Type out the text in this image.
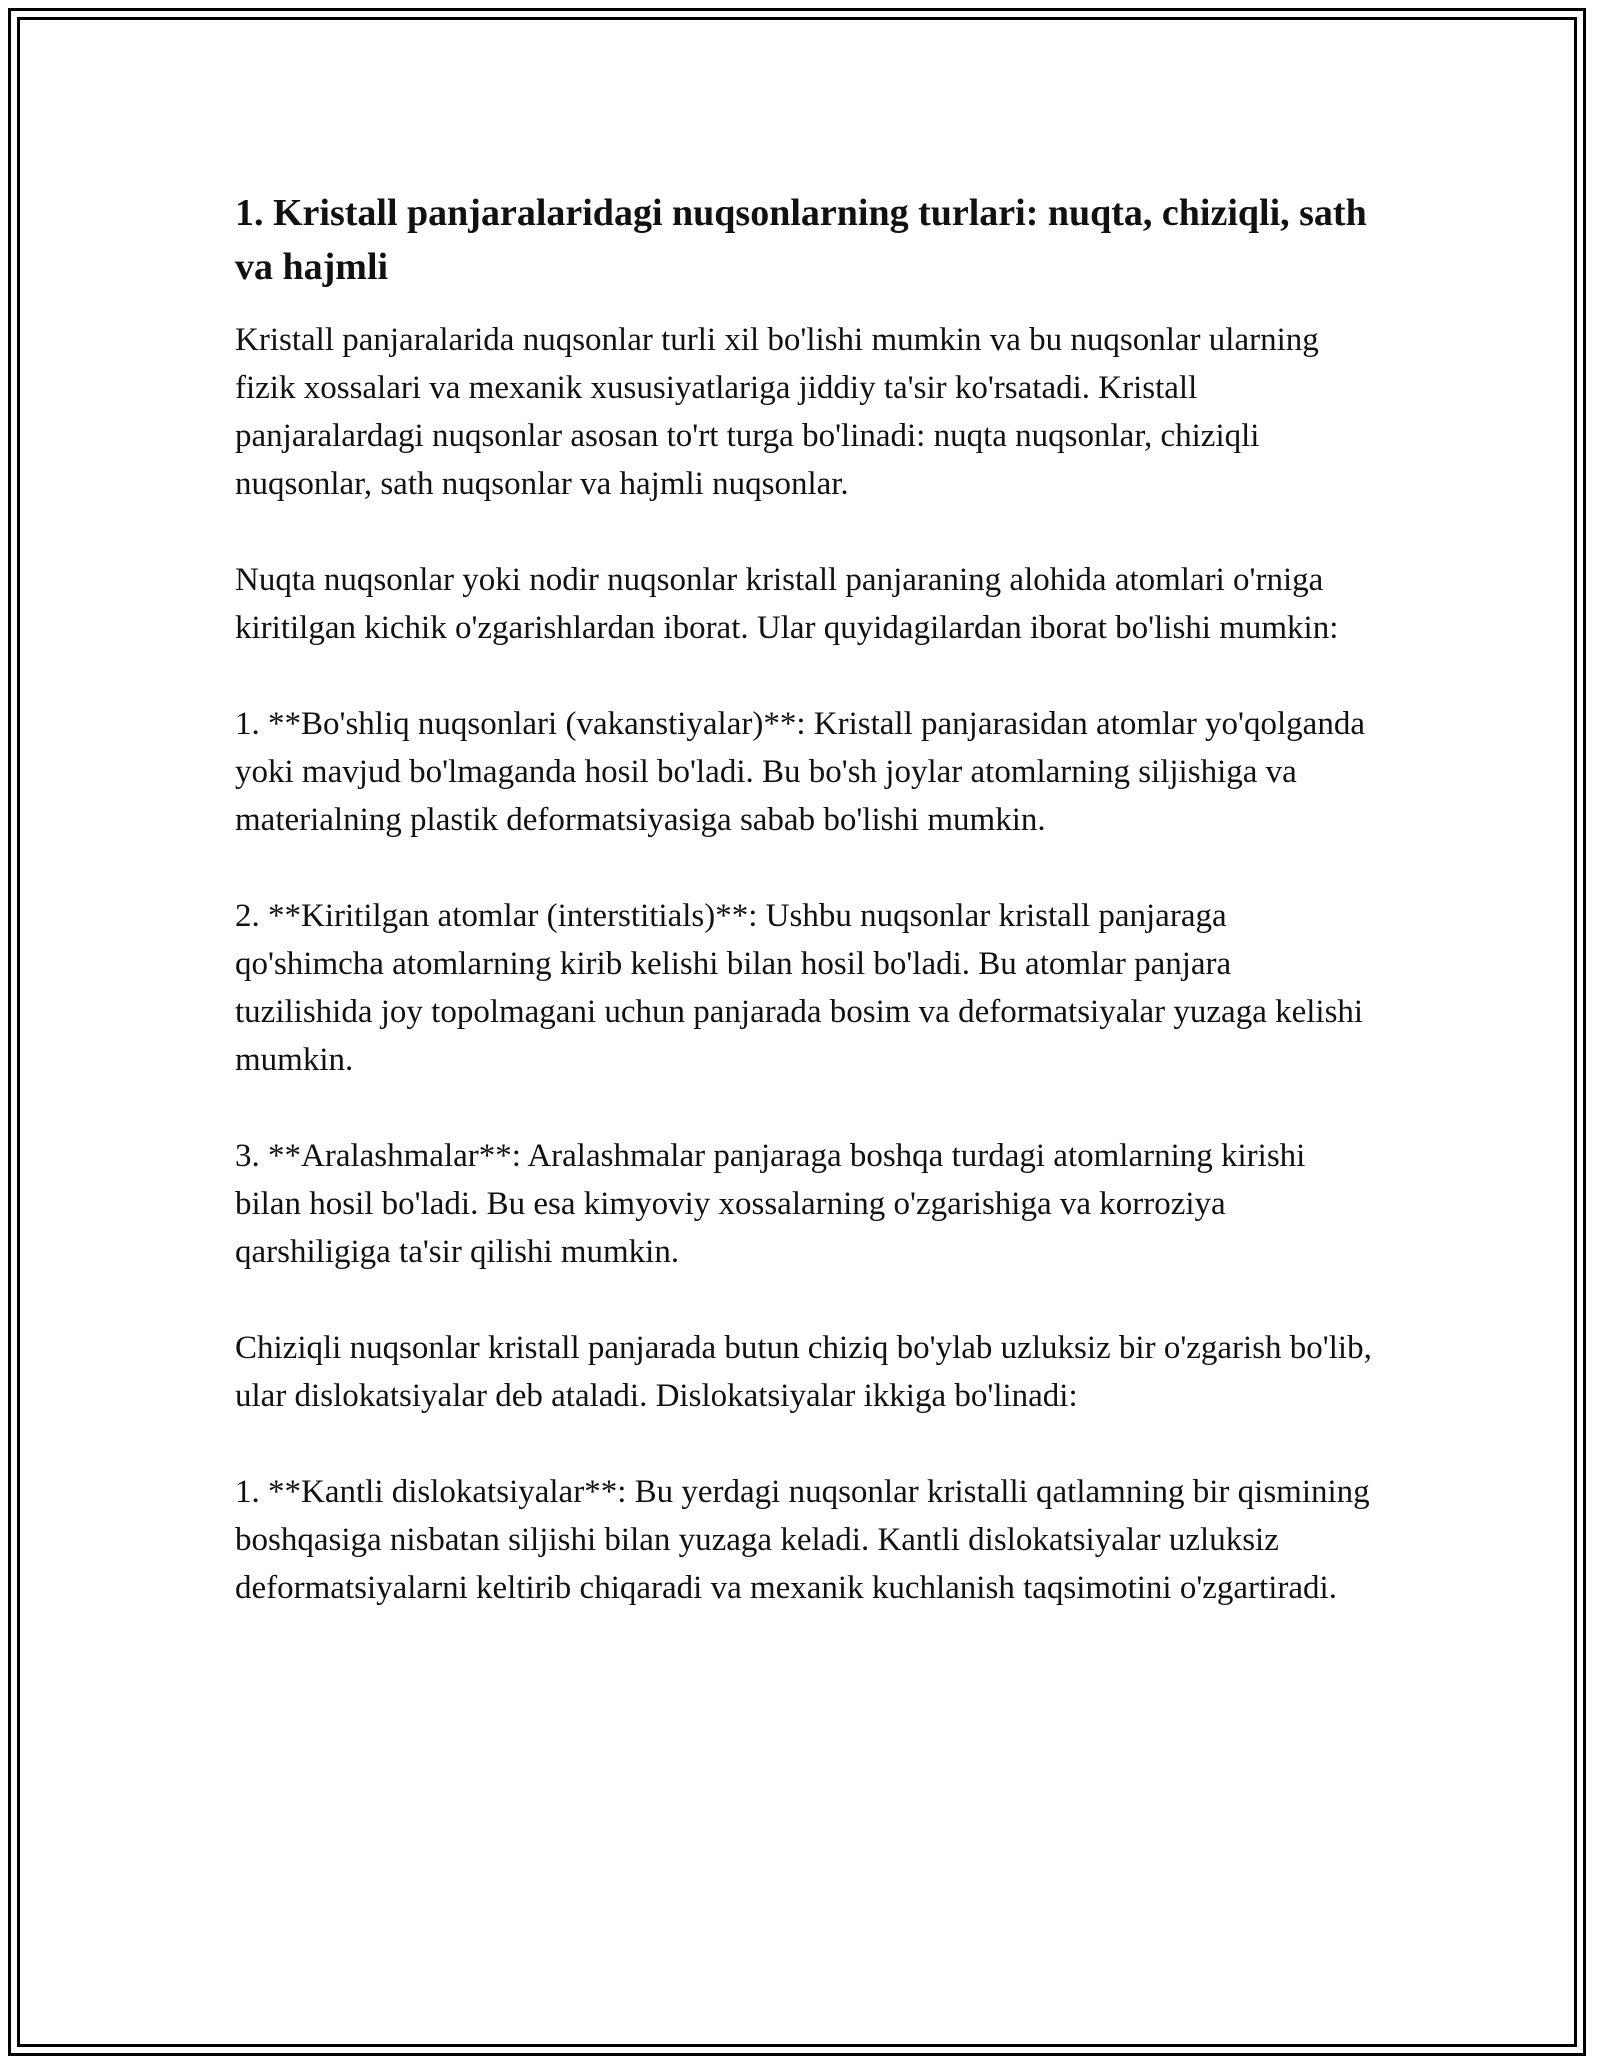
1. Kristall panjaralaridagi nuqsonlarning turlari: nuqta, chiziqli, sath va hajmli

Kristall panjaralarida nuqsonlar turli xil bo'lishi mumkin va bu nuqsonlar ularning fizik xossalari va mexanik xususiyatlariga jiddiy ta'sir ko'rsatadi. Kristall panjaralardagi nuqsonlar asosan to'rt turga bo'linadi: nuqta nuqsonlar, chiziqli nuqsonlar, sath nuqsonlar va hajmli nuqsonlar.

Nuqta nuqsonlar yoki nodir nuqsonlar kristall panjaraning alohida atomlari o'rniga kiritilgan kichik o'zgarishlardan iborat. Ular quyidagilardan iborat bo'lishi mumkin:

1. **Bo'shliq nuqsonlari (vakanstiyalar)**: Kristall panjarasidan atomlar yo'qolganda yoki mavjud bo'lmaganda hosil bo'ladi. Bu bo'sh joylar atomlarning siljishiga va materialning plastik deformatsiyasiga sabab bo'lishi mumkin.

2. **Kiritilgan atomlar (interstitials)**: Ushbu nuqsonlar kristall panjaraga qo'shimcha atomlarning kirib kelishi bilan hosil bo'ladi. Bu atomlar panjara tuzilishida joy topolmagani uchun panjarada bosim va deformatsiyalar yuzaga kelishi mumkin.

3. **Aralashmalar**: Aralashmalar panjaraga boshqa turdagi atomlarning kirishi bilan hosil bo'ladi. Bu esa kimyoviy xossalarning o'zgarishiga va korroziya qarshiligiga ta'sir qilishi mumkin.

Chiziqli nuqsonlar kristall panjarada butun chiziq bo'ylab uzluksiz bir o'zgarish bo'lib, ular dislokatsiyalar deb ataladi. Dislokatsiyalar ikkiga bo'linadi:

1. **Kantli dislokatsiyalar**: Bu yerdagi nuqsonlar kristalli qatlamning bir qismining boshqasiga nisbatan siljishi bilan yuzaga keladi. Kantli dislokatsiyalar uzluksiz deformatsiyalarni keltirib chiqaradi va mexanik kuchlanish taqsimotini o'zgartiradi.
